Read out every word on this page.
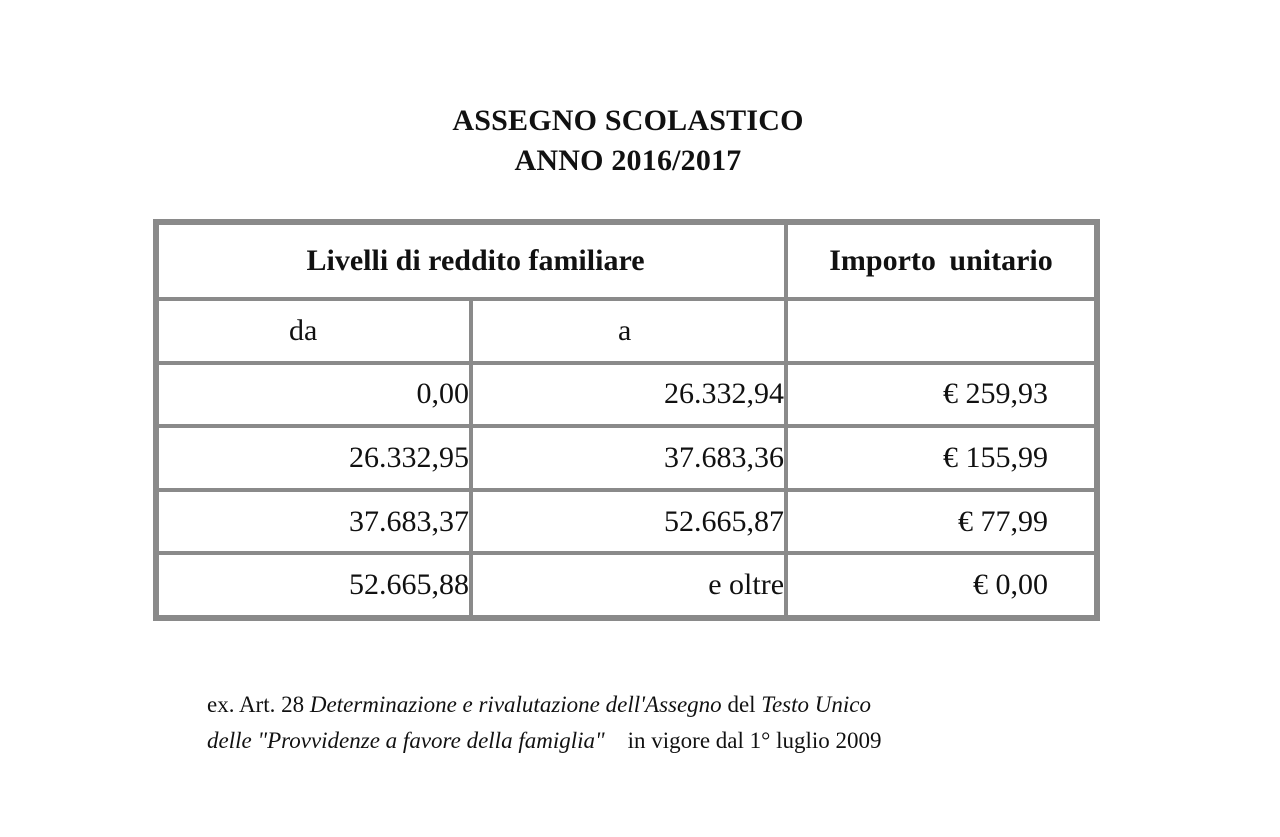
ASSEGNO SCOLASTICO
ANNO 2016/2017
Livelli di reddito familiare		Importo unitario
da	a	
0,00	26.332,94	€ 259,93
26.332,95	37.683,36	€ 155,99
37.683,37	52.665,87	€ 77,99
52.665,88	e oltre	€ 0,00
ex. Art. 28 Determinazione e rivalutazione dell'Assegno del Testo Unico
delle "Provvidenze a favore della famiglia"    in vigore dal 1° luglio 2009
